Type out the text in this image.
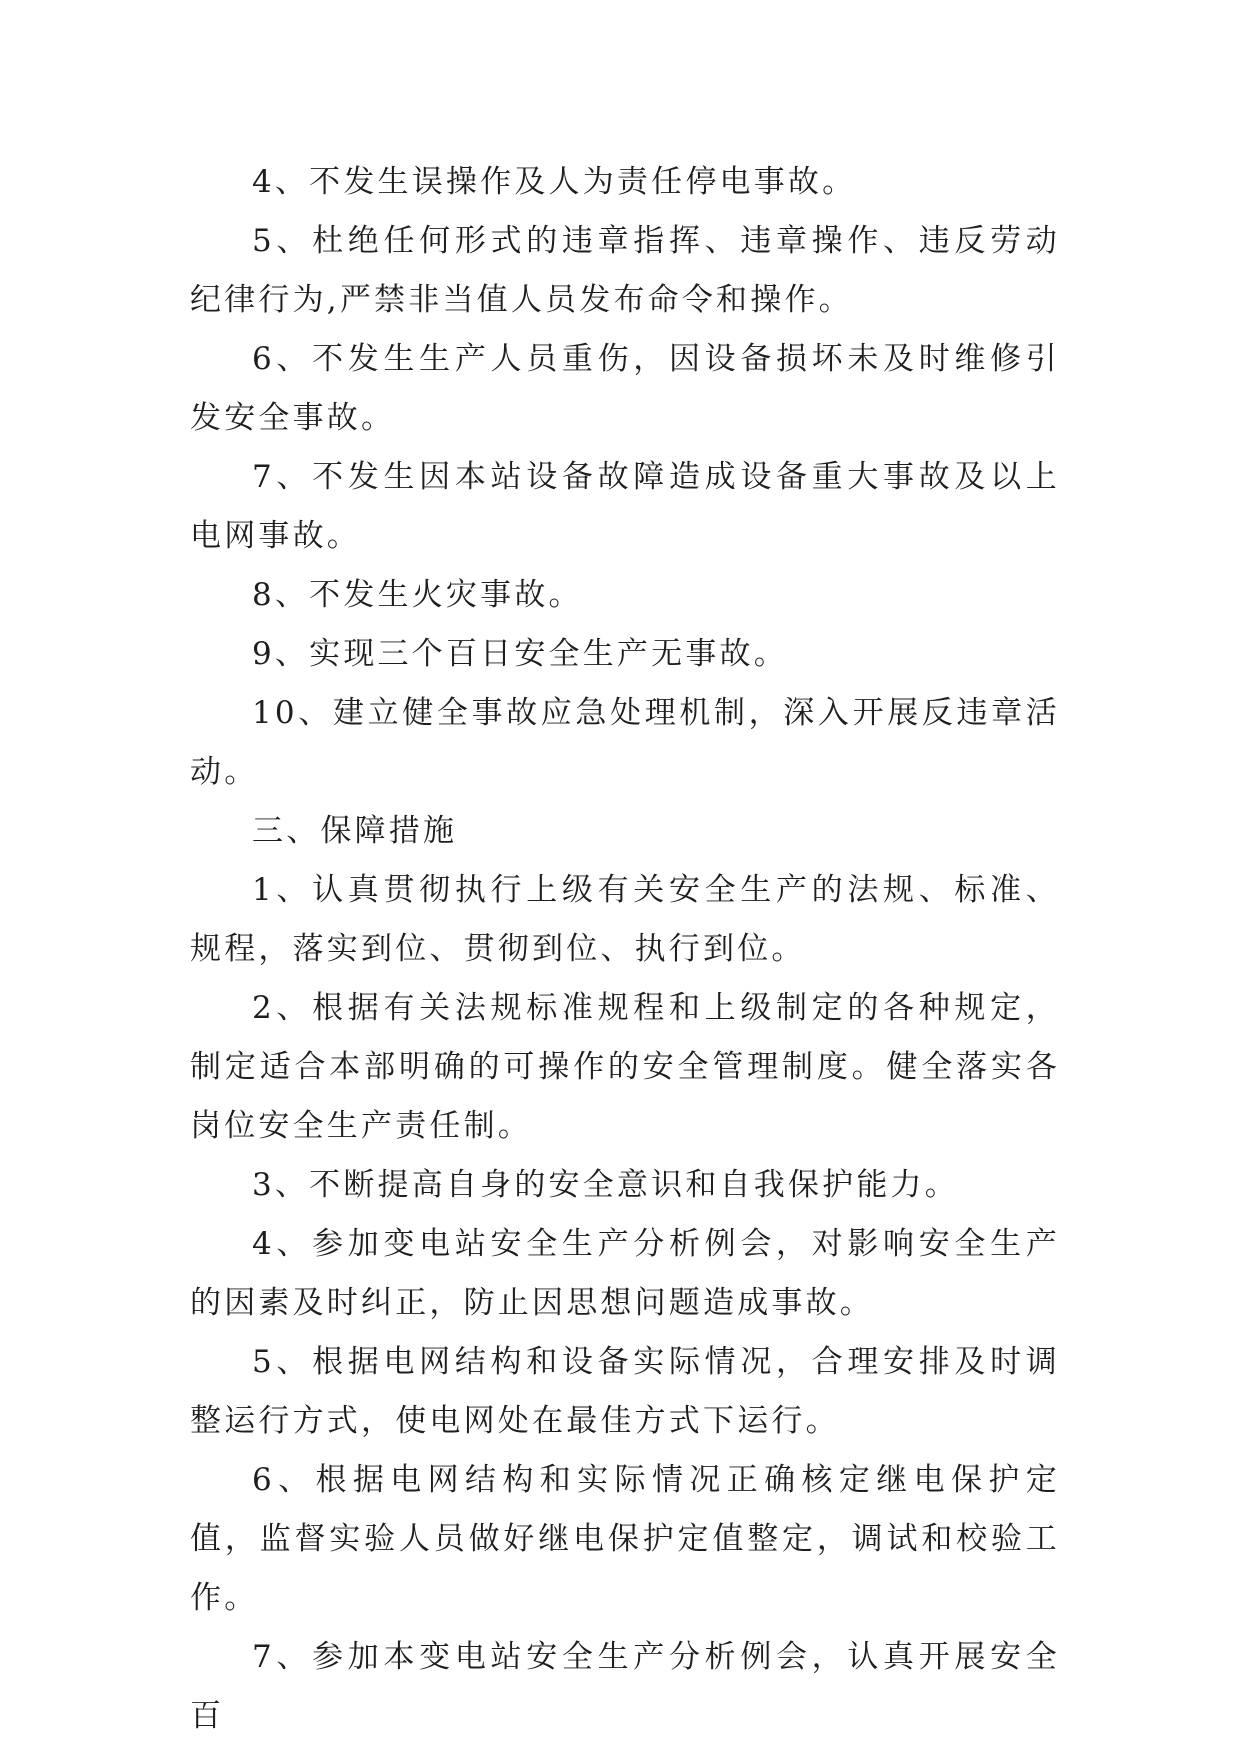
4、不发生误操作及人为责任停电事故。

5、杜绝任何形式的违章指挥、违章操作、违反劳动纪律行为,严禁非当值人员发布命令和操作。

6、不发生生产人员重伤，因设备损坏未及时维修引发安全事故。

7、不发生因本站设备故障造成设备重大事故及以上电网事故。

8、不发生火灾事故。

9、实现三个百日安全生产无事故。

10、建立健全事故应急处理机制，深入开展反违章活动。

三、保障措施

1、认真贯彻执行上级有关安全生产的法规、标准、规程，落实到位、贯彻到位、执行到位。

2、根据有关法规标准规程和上级制定的各种规定，制定适合本部明确的可操作的安全管理制度。健全落实各岗位安全生产责任制。

3、不断提高自身的安全意识和自我保护能力。

4、参加变电站安全生产分析例会，对影响安全生产的因素及时纠正，防止因思想问题造成事故。

5、根据电网结构和设备实际情况，合理安排及时调整运行方式，使电网处在最佳方式下运行。

6、根据电网结构和实际情况正确核定继电保护定值，监督实验人员做好继电保护定值整定，调试和校验工作。

7、参加本变电站安全生产分析例会，认真开展安全百
